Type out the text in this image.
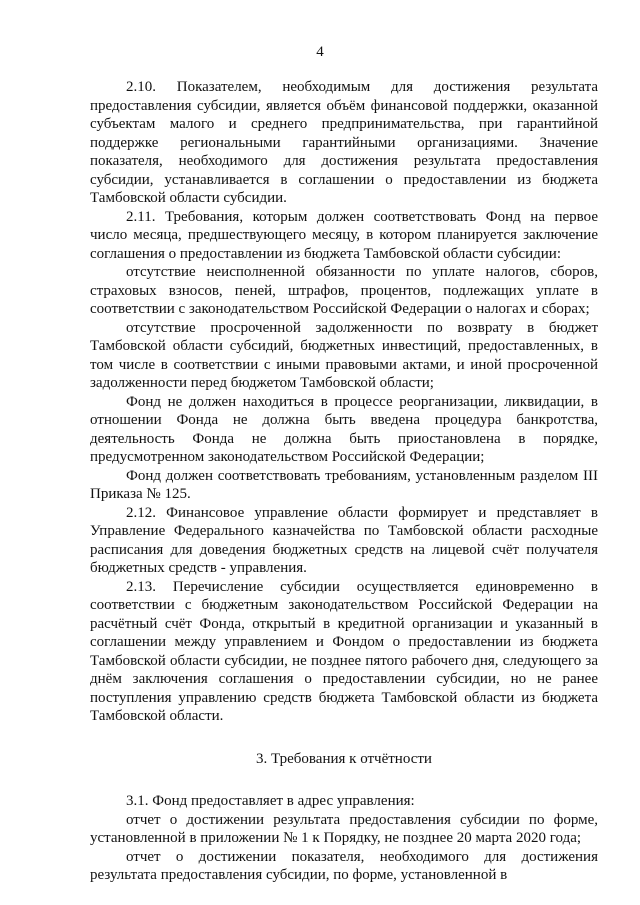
4

2.10. Показателем, необходимым для достижения результата предоставления субсидии, является объём финансовой поддержки, оказанной субъектам малого и среднего предпринимательства, при гарантийной поддержке региональными гарантийными организациями. Значение показателя, необходимого для достижения результата предоставления субсидии, устанавливается в соглашении о предоставлении из бюджета Тамбовской области субсидии.

2.11. Требования, которым должен соответствовать Фонд на первое число месяца, предшествующего месяцу, в котором планируется заключение соглашения о предоставлении из бюджета Тамбовской области субсидии:

отсутствие неисполненной обязанности по уплате налогов, сборов, страховых взносов, пеней, штрафов, процентов, подлежащих уплате в соответствии с законодательством Российской Федерации о налогах и сборах;

отсутствие просроченной задолженности по возврату в бюджет Тамбовской области субсидий, бюджетных инвестиций, предоставленных, в том числе в соответствии с иными правовыми актами, и иной просроченной задолженности перед бюджетом Тамбовской области;

Фонд не должен находиться в процессе реорганизации, ликвидации, в отношении Фонда не должна быть введена процедура банкротства, деятельность Фонда не должна быть приостановлена в порядке, предусмотренном законодательством Российской Федерации;

Фонд должен соответствовать требованиям, установленным разделом III Приказа № 125.

2.12. Финансовое управление области формирует и представляет в Управление Федерального казначейства по Тамбовской области расходные расписания для доведения бюджетных средств на лицевой счёт получателя бюджетных средств - управления.

2.13. Перечисление субсидии осуществляется единовременно в соответствии с бюджетным законодательством Российской Федерации на расчётный счёт Фонда, открытый в кредитной организации и указанный в соглашении между управлением и Фондом о предоставлении из бюджета Тамбовской области субсидии, не позднее пятого рабочего дня, следующего за днём заключения соглашения о предоставлении субсидии, но не ранее поступления управлению средств бюджета Тамбовской области из бюджета Тамбовской области.

3. Требования к отчётности

3.1. Фонд предоставляет в адрес управления:

отчет о достижении результата предоставления субсидии по форме, установленной в приложении № 1 к Порядку, не позднее 20 марта 2020 года;

отчет о достижении показателя, необходимого для достижения результата предоставления субсидии, по форме, установленной в
